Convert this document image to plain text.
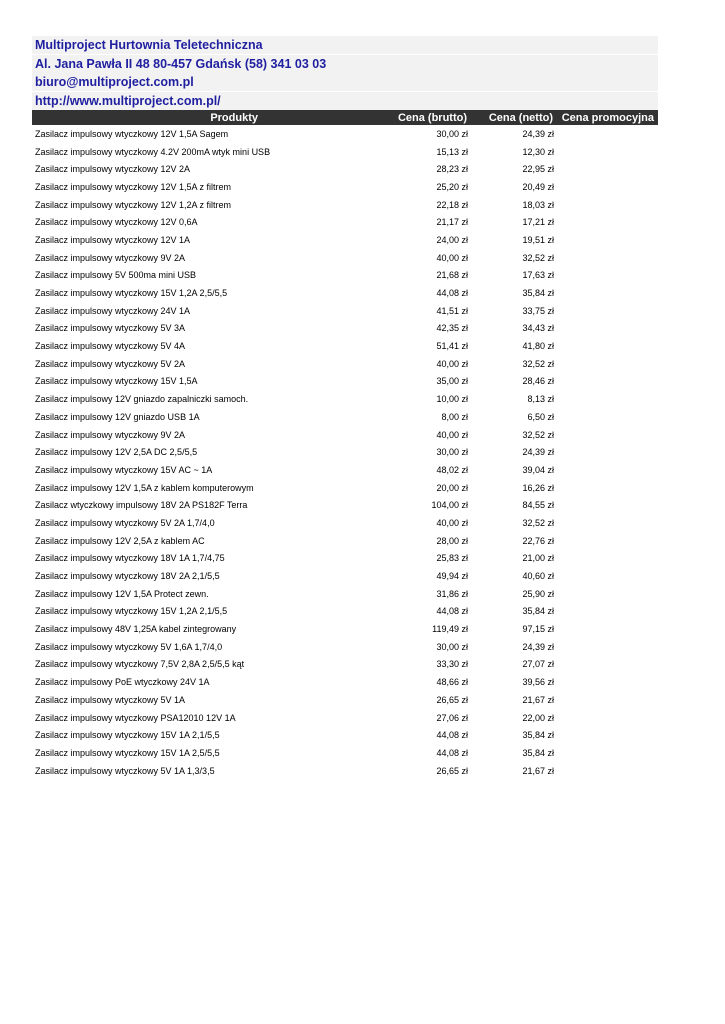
Multiproject Hurtownia Teletechniczna
Al. Jana Pawła II 48 80-457 Gdańsk (58) 341 03 03
biuro@multiproject.com.pl
http://www.multiproject.com.pl/
Produkty	Cena (brutto)	Cena (netto)	Cena promocyjna
Zasilacz impulsowy wtyczkowy 12V 1,5A Sagem	30,00 zł	24,39 zł	
Zasilacz impulsowy wtyczkowy 4.2V 200mA wtyk mini USB	15,13 zł	12,30 zł	
Zasilacz impulsowy wtyczkowy 12V 2A	28,23 zł	22,95 zł	
Zasilacz impulsowy wtyczkowy 12V 1,5A z filtrem	25,20 zł	20,49 zł	
Zasilacz impulsowy wtyczkowy 12V 1,2A z filtrem	22,18 zł	18,03 zł	
Zasilacz impulsowy wtyczkowy 12V 0,6A	21,17 zł	17,21 zł	
Zasilacz impulsowy wtyczkowy 12V 1A	24,00 zł	19,51 zł	
Zasilacz impulsowy wtyczkowy 9V 2A	40,00 zł	32,52 zł	
Zasilacz impulsowy 5V 500ma mini USB	21,68 zł	17,63 zł	
Zasilacz impulsowy wtyczkowy 15V 1,2A 2,5/5,5	44,08 zł	35,84 zł	
Zasilacz impulsowy wtyczkowy 24V 1A	41,51 zł	33,75 zł	
Zasilacz impulsowy wtyczkowy 5V 3A	42,35 zł	34,43 zł	
Zasilacz impulsowy wtyczkowy 5V 4A	51,41 zł	41,80 zł	
Zasilacz impulsowy wtyczkowy 5V 2A	40,00 zł	32,52 zł	
Zasilacz impulsowy wtyczkowy 15V 1,5A	35,00 zł	28,46 zł	
Zasilacz impulsowy 12V gniazdo zapalniczki samoch.	10,00 zł	8,13 zł	
Zasilacz impulsowy 12V gniazdo USB 1A	8,00 zł	6,50 zł	
Zasilacz impulsowy wtyczkowy 9V 2A	40,00 zł	32,52 zł	
Zasilacz impulsowy 12V 2,5A DC 2,5/5,5	30,00 zł	24,39 zł	
Zasilacz impulsowy wtyczkowy 15V AC ~ 1A	48,02 zł	39,04 zł	
Zasilacz impulsowy 12V 1,5A z kablem komputerowym	20,00 zł	16,26 zł	
Zasilacz wtyczkowy impulsowy 18V 2A PS182F Terra	104,00 zł	84,55 zł	
Zasilacz impulsowy wtyczkowy 5V 2A 1,7/4,0	40,00 zł	32,52 zł	
Zasilacz impulsowy 12V 2,5A z kablem AC	28,00 zł	22,76 zł	
Zasilacz impulsowy wtyczkowy 18V 1A 1,7/4,75	25,83 zł	21,00 zł	
Zasilacz impulsowy wtyczkowy 18V 2A 2,1/5,5	49,94 zł	40,60 zł	
Zasilacz impulsowy 12V 1,5A Protect zewn.	31,86 zł	25,90 zł	
Zasilacz impulsowy wtyczkowy 15V 1,2A 2,1/5,5	44,08 zł	35,84 zł	
Zasilacz impulsowy 48V 1,25A kabel zintegrowany	119,49 zł	97,15 zł	
Zasilacz impulsowy wtyczkowy 5V 1,6A 1,7/4,0	30,00 zł	24,39 zł	
Zasilacz impulsowy wtyczkowy 7,5V 2,8A 2,5/5,5 kąt	33,30 zł	27,07 zł	
Zasilacz impulsowy PoE wtyczkowy 24V 1A	48,66 zł	39,56 zł	
Zasilacz impulsowy wtyczkowy 5V 1A	26,65 zł	21,67 zł	
Zasilacz impulsowy wtyczkowy PSA12010 12V 1A	27,06 zł	22,00 zł	
Zasilacz impulsowy wtyczkowy 15V 1A 2,1/5,5	44,08 zł	35,84 zł	
Zasilacz impulsowy wtyczkowy 15V 1A 2,5/5,5	44,08 zł	35,84 zł	
Zasilacz impulsowy wtyczkowy 5V 1A 1,3/3,5	26,65 zł	21,67 zł	
